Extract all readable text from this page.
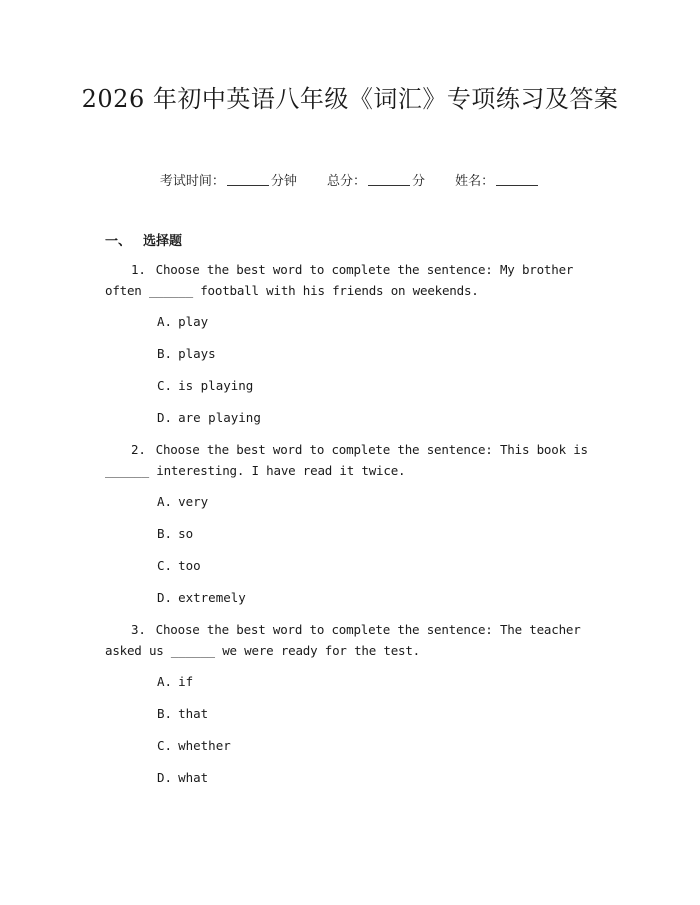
2026 年初中英语八年级《词汇》专项练习及答案
考试时间：	分钟 总分：	分 姓名：
一、 选择题
1. Choose the best word to complete the sentence: My brother often ______ football with his friends on weekends.
A. play
B. plays
C. is playing
D. are playing
2. Choose the best word to complete the sentence: This book is ______ interesting. I have read it twice.
A. very
B. so
C. too
D. extremely
3. Choose the best word to complete the sentence: The teacher asked us ______ we were ready for the test.
A. if
B. that
C. whether
D. what
